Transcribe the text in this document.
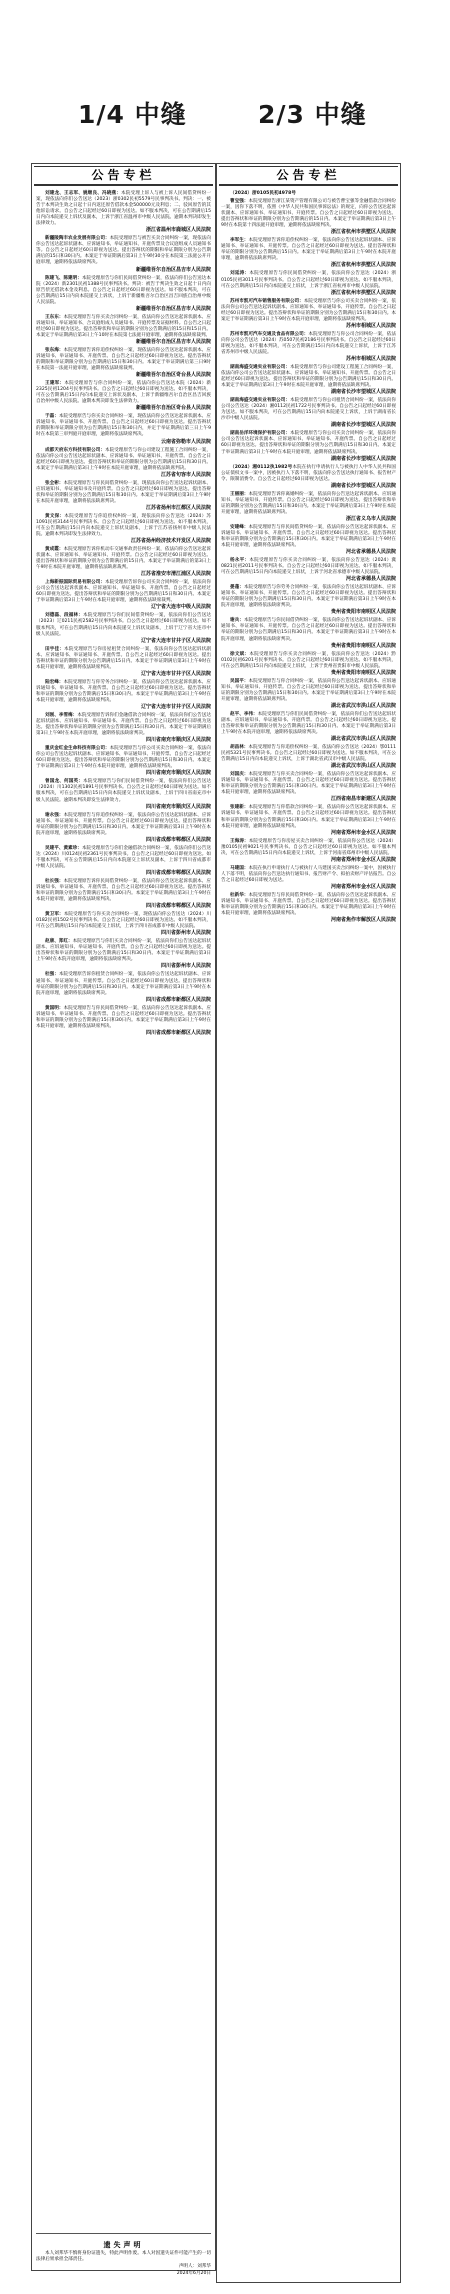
1/4 中缝	2/3 中缝
公告专栏

刘建龙、王志军、姚继良、冯晓燕：本院受理上诉人与被上诉人民间借贷纠纷一案，现依法向你们公告送达（2023）浙0302民初5579号民事判决书。判决：一、被告于本判决生效之日起十日内返还原告借款本金500000元及利息；二、驳回原告的其他诉讼请求。自公告之日起经过60日即视为送达。如不服本判决，可在公告期满后15日内向本院递交上诉状及副本，上诉于浙江省温州市中级人民法院。逾期本判决即发生法律效力。

浙江省温州市鹿城区人民法院

新疆陵陶丰农业发展有限公司：本院受理原告与被告买卖合同纠纷一案，现依法向你公告送达起诉状副本、应诉通知书、举证通知书、开庭传票及合议庭组成人员通知书等。自公告之日起经过60日即视为送达。提出答辩状的期限和举证期限分别为公告期满后的15日和30日内。本案定于举证期满后第3日上午9时30分在本院第三法庭公开开庭审理，逾期将依法缺席判决。

新疆维吾尔自治区昌吉市人民法院

陈建飞、陈建明：本院受理原告与你们民间借贷纠纷一案，依法向你们公告送达本院（2024）新2301民初1388号民事判决书。判决：被告于判决生效之日起十日内向原告偿还借款本金及利息。自公告之日起经过60日即视为送达。如不服本判决，可在公告期满后15日内向本院递交上诉状，上诉于新疆维吾尔自治区昌吉回族自治州中级人民法院。

新疆维吾尔自治区昌吉市人民法院

王东东：本院受理原告与你买卖合同纠纷一案，依法向你公告送达起诉状副本、应诉通知书、举证通知书、合议庭组成人员通知书、开庭传票及证据材料。自公告之日起经过60日即视为送达。提出答辩状和举证的期限分别为公告期满后的15日和15日内。本案定于举证期满后第3日上午10时在本院第七法庭开庭审理，逾期将依法缺席裁判。

新疆维吾尔自治区昌吉市人民法院

张东海：本院受理原告诉你追偿权纠纷一案，现依法向你公告送达起诉状副本、应诉通知书、举证通知书、开庭传票。自公告之日起经过60日即视为送达。提出答辩状的期限和举证期限分别为公告期满后15日和30日内。本案定于举证期满后第三日9时在本院第一法庭开庭审理，逾期将依法缺席裁判。

新疆维吾尔自治区奇台县人民法院

王建军：本院受理原告与你合同纠纷一案，依法向你公告送达本院（2024）新2325民初1204号民事判决书。自公告之日起经过60日即视为送达。如不服本判决，可在公告期满后15日内向本院递交上诉状及副本，上诉于新疆维吾尔自治区昌吉回族自治州中级人民法院。逾期本判决即发生法律效力。

新疆维吾尔自治区奇台县人民法院

于磊：本院受理原告与你买卖合同纠纷一案，现依法向你公告送达起诉状副本、应诉通知书、举证通知书、开庭传票。自公告之日起经过60日即视为送达。提出答辩状的期限和举证期限分别为公告期满后15日和30日内，并定于举证期满后第三日上午9时在本院第三审判庭开庭审理，逾期将依法缺席判决。

云南省弥勒市人民法院

成都天府东方科技有限公司：本院受理原告与你公司建设工程施工合同纠纷一案，依法向你公司公告送达起诉状副本、应诉通知书、举证通知书、开庭传票。自公告之日起经过60日即视为送达。提出答辩状和举证的期限分别为公告期满后15日和30日内。本案定于举证期满后第3日上午9时在本院开庭审理，逾期将依法缺席判决。

江苏省句容市人民法院

张全彬：本院受理原告与你民间借贷纠纷一案，现依法向你公告送达起诉状副本、应诉通知书、举证通知书及开庭传票。自公告之日起经过60日即视为送达。提出答辩状和举证的期限分别为公告期满后15日和30日内。本案定于举证期满后第3日上午9时在本院开庭审理，逾期将依法缺席判决。

江苏省扬州市江都区人民法院

黄文保：本院受理原告与你追偿权纠纷一案，现依法向你公告送达（2024）苏1091民初3144号民事判决书。自公告之日起经过60日即视为送达。如不服本判决，可在公告期满后15日内向本院递交上诉状及副本，上诉于江苏省扬州市中级人民法院。逾期本判决即发生法律效力。

江苏省扬州经济技术开发区人民法院

黄成霞：本院受理原告诉你机动车交通事故责任纠纷一案，依法向你公告送达起诉状副本、应诉通知书、举证通知书、开庭传票。自公告之日起经过60日即视为送达。提出答辩状和举证的期限分别为公告期满后的15日内。本案定于举证期满后的第3日上午9时在本院开庭审理，逾期将依法缺席裁判。

江苏省淮安市清江浦区人民法院

上海新振国际贸易有限公司：本院受理原告诉你公司买卖合同纠纷一案，依法向你公司公告送达起诉状副本、应诉通知书、举证通知书、开庭传票。自公告之日起经过60日即视为送达。提出答辩状和举证的期限分别为公告期满后15日和30日内。本案定于举证期满后第3日上午9时在本院开庭审理，逾期将依法缺席裁判。

辽宁省大连市中级人民法院

刘德磊、段福林：本院受理原告与你们民间借贷纠纷一案，依法向你们公告送达（2023）辽0211民初2582号民事判决书。自公告之日起经过60日即视为送达。如不服本判决，可在公告期满后15日内向本院递交上诉状及副本，上诉于辽宁省大连市中级人民法院。

辽宁省大连市甘井子区人民法院

田宇佳：本院受理原告与你房屋租赁合同纠纷一案，依法向你公告送达起诉状副本、应诉通知书、举证通知书、开庭传票。自公告之日起经过60日即视为送达。提出答辩状和举证的期限分别为公告期满后15日内。本案定于举证期满后第3日上午9时在本院开庭审理，逾期将依法缺席判决。

辽宁省大连市甘井子区人民法院

陆宏峰：本院受理原告与你劳务合同纠纷一案，依法向你公告送达起诉状副本、应诉通知书、举证通知书、开庭传票。自公告之日起经过60日即视为送达。提出答辩状和举证的期限分别为公告期满后15日和30日内。本案定于举证期满后第3日上午9时在本院开庭审理，逾期将依法缺席判决。

辽宁省大连市甘井子区人民法院

刘刚、李雪梅：本院受理原告诉你们金融借款合同纠纷一案，依法向你们公告送达起诉状副本、应诉通知书、举证通知书、开庭传票。自公告之日起经过60日即视为送达。提出答辩状和举证的期限分别为公告期满后15日和30日内。本案定于举证期满后第3日上午9时在本院开庭审理，逾期将依法缺席判决。

四川省南充市顺庆区人民法院

重庆金红金生命科技有限公司：本院受理原告与你公司买卖合同纠纷一案，依法向你公司公告送达起诉状副本、应诉通知书、举证通知书、开庭传票。自公告之日起经过60日即视为送达。提出答辩状和举证的期限分别为公告期满后15日和30日内。本案定于举证期满后第3日上午9时在本院开庭审理，逾期将依法缺席判决。

四川省南充市顺庆区人民法院

曾国龙、何国英：本院受理原告与你们民间借贷纠纷一案，依法向你们公告送达（2024）川1302民初1891号民事判决书。自公告之日起经过60日即视为送达。如不服本判决，可在公告期满后15日内向本院递交上诉状及副本，上诉于四川省南充市中级人民法院。逾期本判决即发生法律效力。

四川省南充市顺庆区人民法院

谢永强：本院受理原告与你追偿权纠纷一案，依法向你公告送达起诉状副本、应诉通知书、举证通知书、开庭传票。自公告之日起经过60日即视为送达。提出答辩状和举证的期限分别为公告期满后15日和30日内。本案定于举证期满后第3日上午9时在本院开庭审理，逾期将依法缺席判决。

四川省成都市郫都区人民法院

吴建平、黄素珍：本院受理原告与你们金融借款合同纠纷一案，依法向你们公告送达（2024）川0124民初2361号民事判决书。自公告之日起经过60日即视为送达。如不服本判决，可在公告期满后15日内向本院递交上诉状及副本，上诉于四川省成都市中级人民法院。

四川省成都市郫都区人民法院

杜长强：本院受理原告诉你民间借贷纠纷一案，依法向你公告送达起诉状副本、应诉通知书、举证通知书、开庭传票。自公告之日起经过60日即视为送达。提出答辩状和举证的期限分别为公告期满后15日和30日内。本案定于举证期满后第3日上午9时在本院开庭审理，逾期将依法缺席判决。

四川省成都市郫都区人民法院

黄卫军：本院受理原告与你买卖合同纠纷一案，现依法向你公告送达（2024）川0182民初1502号民事判决书。自公告之日起经过60日即视为送达。如不服本判决，可在公告期满后15日内向本院递交上诉状，上诉于四川省成都市中级人民法院。

四川省彭州市人民法院

赵康、郑红：本院受理原告与你们买卖合同纠纷一案，依法向你们公告送达起诉状副本、应诉通知书、举证通知书、开庭传票。自公告之日起经过60日即视为送达。提出答辩状和举证的期限分别为公告期满后15日和30日内。本案定于举证期满后第3日上午9时在本院开庭审理，逾期将依法缺席判决。

四川省彭州市人民法院

杜强：本院受理原告诉你租赁合同纠纷一案，依法向你公告送达起诉状副本、应诉通知书、举证通知书、开庭传票。自公告之日起经过60日即视为送达。提出答辩状和举证的期限分别为公告期满后15日和30日内。本案定于举证期满后第3日上午9时在本院开庭审理，逾期将依法缺席判决。

四川省成都市新都区人民法院

黄国明：本院受理原告与你民间借贷纠纷一案，依法向你公告送达起诉状副本、应诉通知书、举证通知书、开庭传票。自公告之日起经过60日即视为送达。提出答辩状和举证的期限分别为公告期满后15日和30日内。本案定于举证期满后第3日上午9时在本院开庭审理，逾期将依法缺席判决。

四川省成都市新都区人民法院

遗失声明

本人刘邦华不慎将身份证遗失，特此声明作废。本人对因遗失证件可能产生的一切法律后果承担全部责任。

声明人：刘邦华

2024年6月20日

公告专栏

（2024）浙0105民初4978号

曹宝强：本院受理原告浙江某资产管理有限公司与被告曹宝强等金融借款合同纠纷一案，因你下落不明，依照《中华人民共和国民事诉讼法》的规定，向你公告送达起诉状副本、应诉通知书、举证通知书、开庭传票。自公告之日起经过60日即视为送达。提出答辩状和举证的期限分别为公告期满后的15日内。本案定于举证期满后第3日上午9时在本院第十四法庭开庭审理，逾期将依法缺席判决。

浙江省杭州市拱墅区人民法院

李军生：本院受理原告诉你追偿权纠纷一案，依法向你公告送达起诉状副本、应诉通知书、举证通知书、开庭传票。自公告之日起经过60日即视为送达。提出答辩状和举证的期限分别为公告期满后15日内。本案定于举证期满后第3日上午9时在本院开庭审理，逾期将依法缺席判决。

浙江省杭州市拱墅区人民法院

刘延涛：本院受理原告与你民间借贷纠纷一案，依法向你公告送达（2024）浙0105民初3011号民事判决书。自公告之日起经过60日即视为送达。如不服本判决，可在公告期满后15日内向本院递交上诉状，上诉于浙江省杭州市中级人民法院。

浙江省杭州市拱墅区人民法院

苏州市凯可汽车销售服务有限公司：本院受理原告与你公司买卖合同纠纷一案，依法向你公司公告送达起诉状副本、应诉通知书、举证通知书、开庭传票。自公告之日起经过60日即视为送达。提出答辩状和举证的期限分别为公告期满后15日和30日内。本案定于举证期满后第3日上午9时在本院开庭审理，逾期将依法缺席判决。

苏州市相城区人民法院

苏州市凯可汽车交通及食品有限公司：本院受理原告与你公司合同纠纷一案，依法向你公司公告送达（2024）苏0507民初2186号民事判决书。自公告之日起经过60日即视为送达。如不服本判决，可在公告期满后15日内向本院递交上诉状，上诉于江苏省苏州市中级人民法院。

苏州市相城区人民法院

湖南海盛交通实业有限公司：本院受理原告与你公司建设工程施工合同纠纷一案，依法向你公司公告送达起诉状副本、应诉通知书、举证通知书、开庭传票。自公告之日起经过60日即视为送达。提出答辩状和举证的期限分别为公告期满后15日和30日内。本案定于举证期满后第3日上午9时在本院开庭审理，逾期将依法缺席判决。

湖南省长沙市望城区人民法院

湖南海盛交通实业有限公司：本院受理原告与你公司租赁合同纠纷一案，依法向你公司公告送达（2024）湘0112民初1722号民事判决书。自公告之日起经过60日即视为送达。如不服本判决，可在公告期满后15日内向本院递交上诉状，上诉于湖南省长沙市中级人民法院。

湖南省长沙市望城区人民法院

湖南岳洋环境保护有限公司：本院受理原告与你公司买卖合同纠纷一案，依法向你公司公告送达起诉状副本、应诉通知书、举证通知书、开庭传票。自公告之日起经过60日即视为送达。提出答辩状和举证的期限分别为公告期满后15日和30日内。本案定于举证期满后第3日上午9时在本院开庭审理，逾期将依法缺席判决。

湖南省长沙市望城区人民法院

（2024）湘0112执1982号本院在执行申请执行人与被执行人中华人民共和国公证债权文书一案中，因被执行人下落不明，依法向你公告送达执行通知书、报告财产令、限制消费令。自公告之日起经过60日即视为送达。

湖南省长沙市望城区人民法院

王丽丽：本院受理原告诉你离婚纠纷一案，依法向你公告送达起诉状副本、应诉通知书、举证通知书、开庭传票。自公告之日起经过60日即视为送达。提出答辩状和举证的期限分别为公告期满后15日和30日内。本案定于举证期满后第3日上午9时在本院开庭审理，逾期将依法缺席判决。

浙江省义乌市人民法院

安建峰：本院受理原告与你民间借贷纠纷一案，依法向你公告送达起诉状副本、应诉通知书、举证通知书、开庭传票。自公告之日起经过60日即视为送达。提出答辩状和举证的期限分别为公告期满后15日和30日内。本案定于举证期满后第3日上午9时在本院开庭审理，逾期将依法缺席判决。

河北省承德县人民法院

杨永平：本院受理原告与你买卖合同纠纷一案，依法向你公告送达（2024）冀0821民初2011号民事判决书。自公告之日起经过60日即视为送达。如不服本判决，可在公告期满后15日内向本院递交上诉状，上诉于河北省承德市中级人民法院。

河北省承德县人民法院

晏蓬：本院受理原告与你劳务合同纠纷一案，依法向你公告送达起诉状副本、应诉通知书、举证通知书、开庭传票。自公告之日起经过60日即视为送达。提出答辩状和举证的期限分别为公告期满后15日和30日内。本案定于举证期满后第3日上午9时在本院开庭审理，逾期将依法缺席判决。

贵州省贵阳市南明区人民法院

谢兵：本院受理原告与你民间借贷纠纷一案，依法向你公告送达起诉状副本、应诉通知书、举证通知书、开庭传票。自公告之日起经过60日即视为送达。提出答辩状和举证的期限分别为公告期满后15日和30日内。本案定于举证期满后第3日上午9时在本院开庭审理，逾期将依法缺席判决。

贵州省贵阳市南明区人民法院

徐文斌：本院受理原告与你买卖合同纠纷一案，依法向你公告送达（2024）黔0102民初6201号民事判决书。自公告之日起经过60日即视为送达。如不服本判决，可在公告期满后15日内向本院递交上诉状，上诉于贵州省贵阳市中级人民法院。

贵州省贵阳市南明区人民法院

吴国平：本院受理原告与你合同纠纷一案，依法向你公告送达起诉状副本、应诉通知书、举证通知书、开庭传票。自公告之日起经过60日即视为送达。提出答辩状和举证的期限分别为公告期满后15日和30日内。本案定于举证期满后第3日上午9时在本院开庭审理，逾期将依法缺席判决。

湖北省武汉市洪山区人民法院

赵平、李伟：本院受理原告与你们民间借贷纠纷一案，依法向你们公告送达起诉状副本、应诉通知书、举证通知书、开庭传票。自公告之日起经过60日即视为送达。提出答辩状和举证的期限分别为公告期满后15日和30日内。本案定于举证期满后第3日上午9时在本院开庭审理，逾期将依法缺席判决。

湖北省武汉市洪山区人民法院

胡昌林：本院受理原告与你追偿权纠纷一案，依法向你公告送达（2024）鄂0111民初5321号民事判决书。自公告之日起经过60日即视为送达。如不服本判决，可在公告期满后15日内向本院递交上诉状，上诉于湖北省武汉市中级人民法院。

湖北省武汉市洪山区人民法院

刘国庆：本院受理原告与你买卖合同纠纷一案，依法向你公告送达起诉状副本、应诉通知书、举证通知书、开庭传票。自公告之日起经过60日即视为送达。提出答辩状和举证的期限分别为公告期满后15日和30日内。本案定于举证期满后第3日上午9时在本院开庭审理，逾期将依法缺席判决。

江西省南昌市新建区人民法院

张建新：本院受理原告与你借款合同纠纷一案，依法向你公告送达起诉状副本、应诉通知书、举证通知书、开庭传票。自公告之日起经过60日即视为送达。提出答辩状和举证的期限分别为公告期满后15日和30日内。本案定于举证期满后第3日上午9时在本院开庭审理，逾期将依法缺席判决。

河南省郑州市金水区人民法院

王海涛：本院受理原告与你房屋买卖合同纠纷一案，依法向你公告送达（2024）豫0105民初9021号民事判决书。自公告之日起经过60日即视为送达。如不服本判决，可在公告期满后15日内向本院递交上诉状，上诉于河南省郑州市中级人民法院。

河南省郑州市金水区人民法院

马建国：本院在执行申请执行人与被执行人马建国买卖合同纠纷一案中，因被执行人下落不明，依法向你公告送达执行通知书、报告财产令、拟拍卖财产评估报告。自公告之日起经过60日即视为送达。

河南省郑州市金水区人民法院

杜新华：本院受理原告与你民间借贷纠纷一案，依法向你公告送达起诉状副本、应诉通知书、举证通知书、开庭传票。自公告之日起经过60日即视为送达。提出答辩状和举证的期限分别为公告期满后15日和30日内。本案定于举证期满后第3日上午9时在本院开庭审理，逾期将依法缺席判决。

河南省焦作市解放区人民法院
